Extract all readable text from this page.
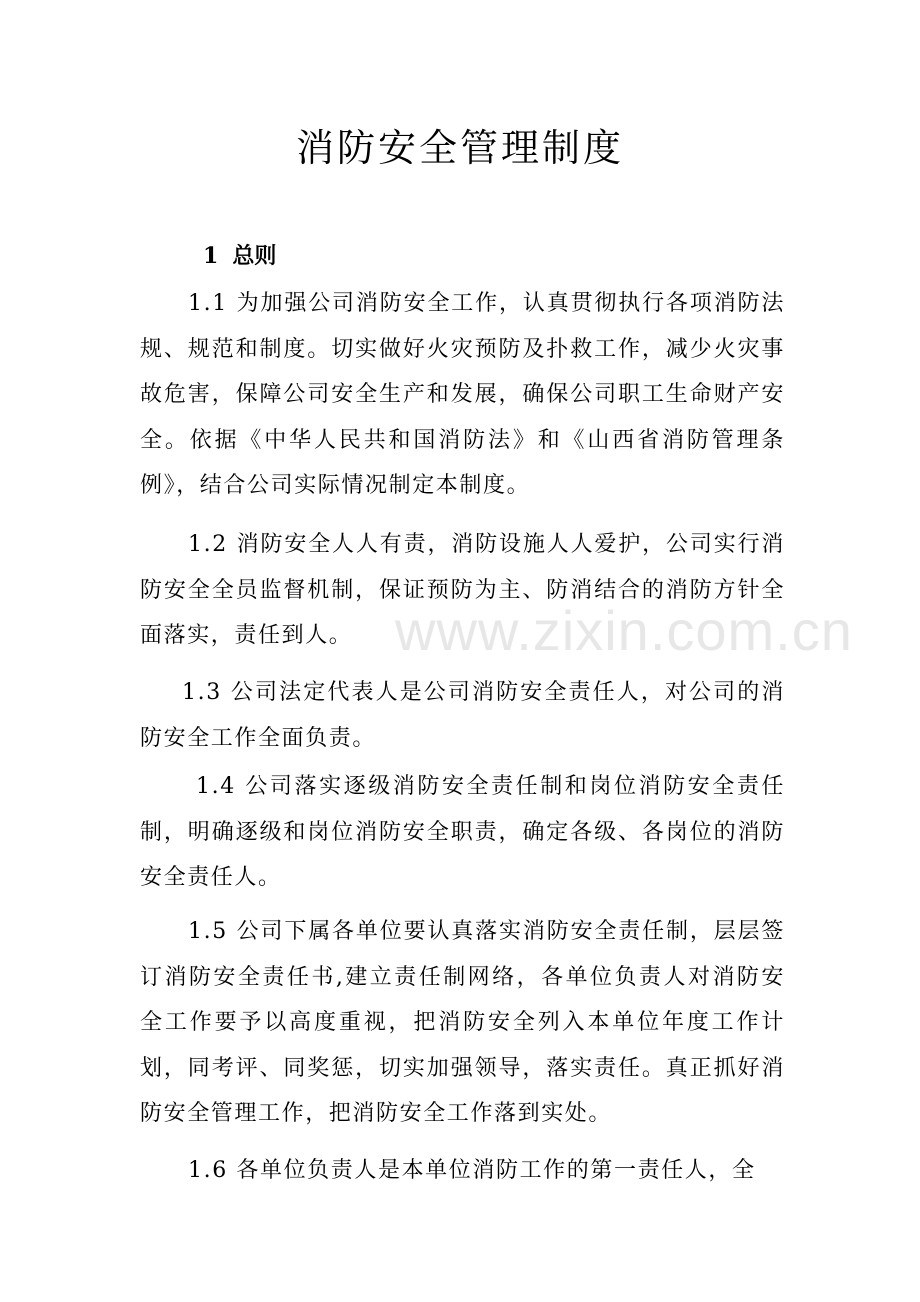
消防安全管理制度
1 总则

1.1 为加强公司消防安全工作，认真贯彻执行各项消防法规、规范和制度。切实做好火灾预防及扑救工作，减少火灾事故危害，保障公司安全生产和发展，确保公司职工生命财产安全。依据《中华人民共和国消防法》和《山西省消防管理条例》，结合公司实际情况制定本制度。

1.2 消防安全人人有责，消防设施人人爱护，公司实行消防安全全员监督机制，保证预防为主、防消结合的消防方针全面落实，责任到人。

1.3 公司法定代表人是公司消防安全责任人，对公司的消防安全工作全面负责。

1.4 公司落实逐级消防安全责任制和岗位消防安全责任制，明确逐级和岗位消防安全职责，确定各级、各岗位的消防安全责任人。

1.5 公司下属各单位要认真落实消防安全责任制，层层签订消防安全责任书,建立责任制网络，各单位负责人对消防安全工作要予以高度重视，把消防安全列入本单位年度工作计划，同考评、同奖惩，切实加强领导，落实责任。真正抓好消防安全管理工作，把消防安全工作落到实处。

1.6 各单位负责人是本单位消防工作的第一责任人，全

www.zixin.com.cn
